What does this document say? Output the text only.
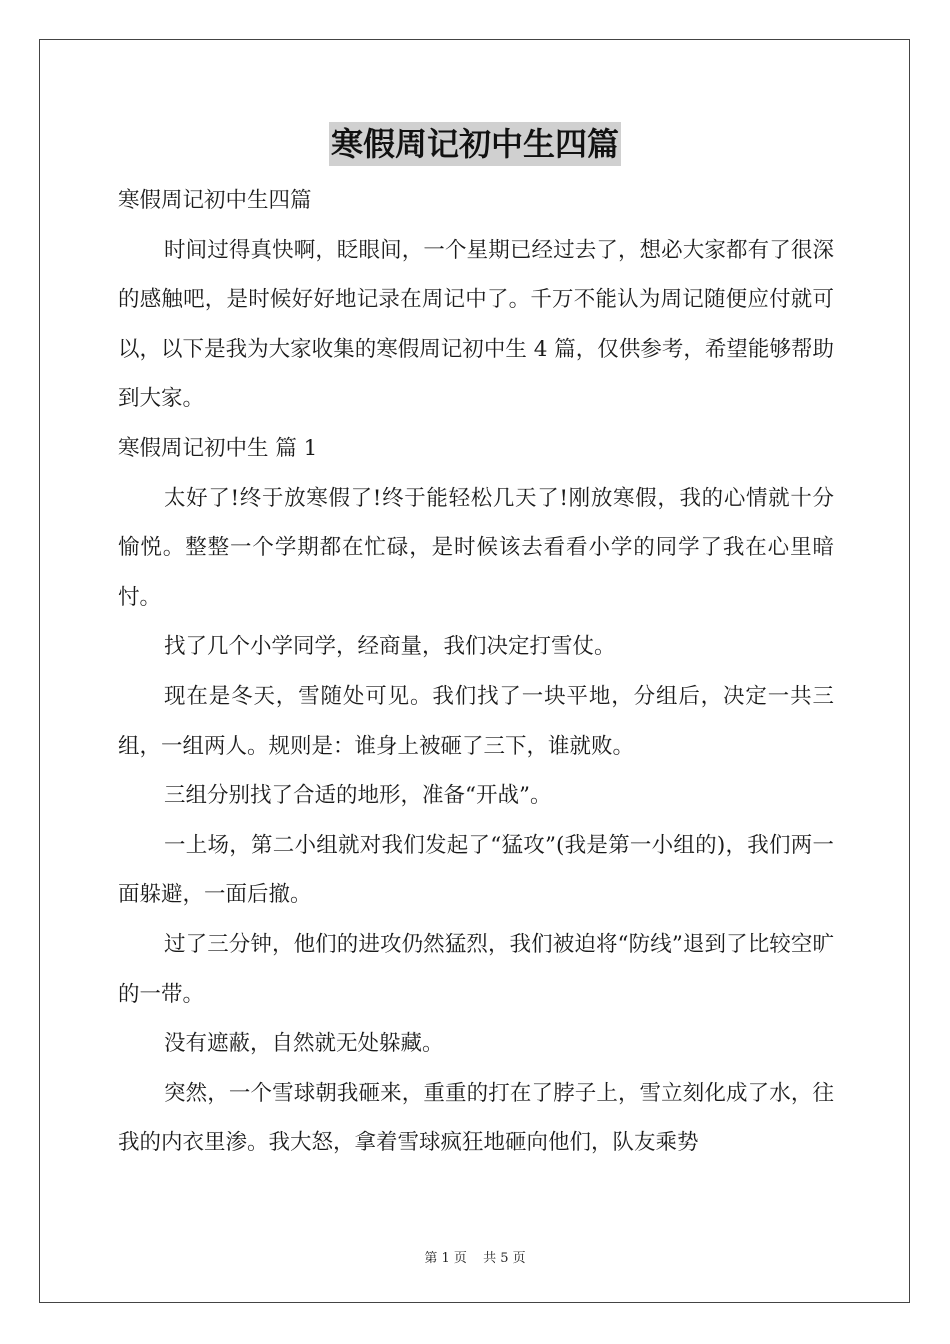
寒假周记初中生四篇

寒假周记初中生四篇

时间过得真快啊，眨眼间，一个星期已经过去了，想必大家都有了很深的感触吧，是时候好好地记录在周记中了。千万不能认为周记随便应付就可以，以下是我为大家收集的寒假周记初中生 4 篇，仅供参考，希望能够帮助到大家。

寒假周记初中生 篇 1

太好了!终于放寒假了!终于能轻松几天了!刚放寒假，我的心情就十分愉悦。整整一个学期都在忙碌，是时候该去看看小学的同学了我在心里暗忖。

找了几个小学同学，经商量，我们决定打雪仗。

现在是冬天，雪随处可见。我们找了一块平地，分组后，决定一共三组，一组两人。规则是：谁身上被砸了三下，谁就败。

三组分别找了合适的地形，准备“开战”。

一上场，第二小组就对我们发起了“猛攻”(我是第一小组的)，我们两一面躲避，一面后撤。

过了三分钟，他们的进攻仍然猛烈，我们被迫将“防线”退到了比较空旷的一带。

没有遮蔽，自然就无处躲藏。

突然，一个雪球朝我砸来，重重的打在了脖子上，雪立刻化成了水，往我的内衣里渗。我大怒，拿着雪球疯狂地砸向他们，队友乘势

第 1 页 共 5 页
